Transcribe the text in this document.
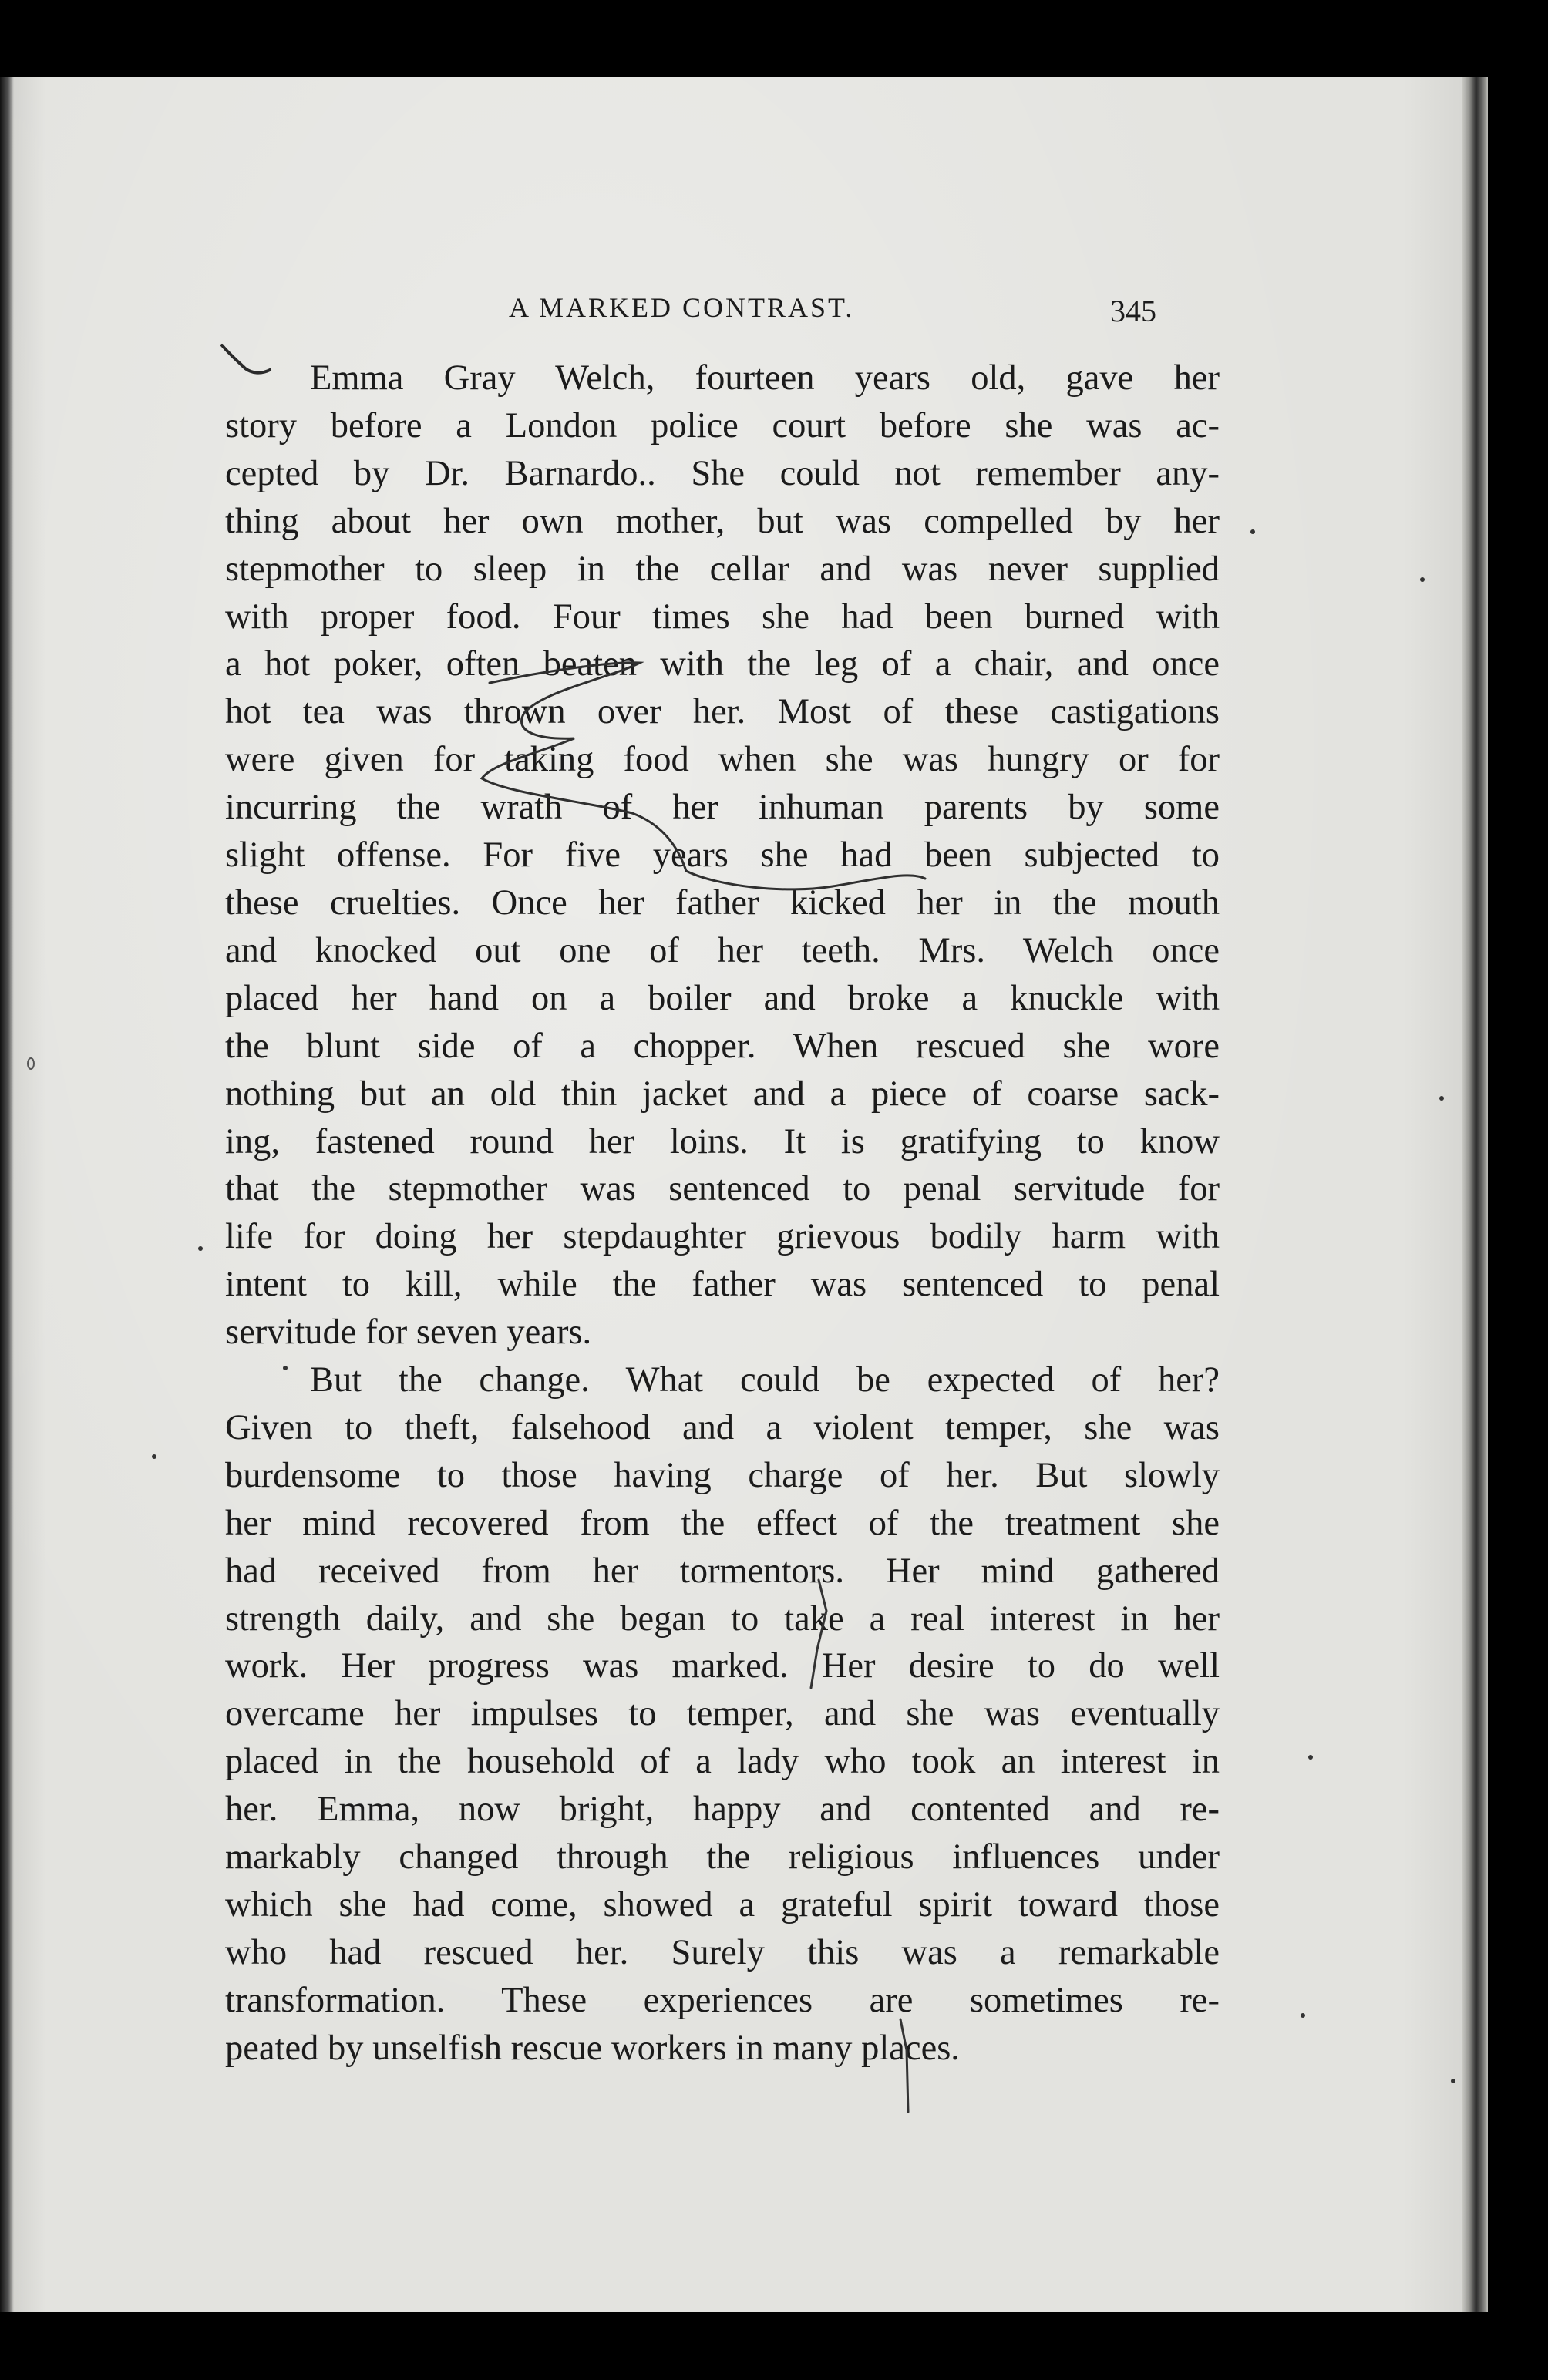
A MARKED CONTRAST.	345
Emma Gray Welch, fourteen years old, gave her
story before a London police court before she was ac-
cepted by Dr. Barnardo.. She could not remember any-
thing about her own mother, but was compelled by her
stepmother to sleep in the cellar and was never supplied
with proper food. Four times she had been burned with
a hot poker, often beaten with the leg of a chair, and once
hot tea was thrown over her. Most of these castigations
were given for taking food when she was hungry or for
incurring the wrath of her inhuman parents by some
slight offense. For five years she had been subjected to
these cruelties. Once her father kicked her in the mouth
and knocked out one of her teeth. Mrs. Welch once
placed her hand on a boiler and broke a knuckle with
the blunt side of a chopper. When rescued she wore
nothing but an old thin jacket and a piece of coarse sack-
ing, fastened round her loins. It is gratifying to know
that the stepmother was sentenced to penal servitude for
life for doing her stepdaughter grievous bodily harm with
intent to kill, while the father was sentenced to penal
servitude for seven years.
But the change. What could be expected of her?
Given to theft, falsehood and a violent temper, she was
burdensome to those having charge of her. But slowly
her mind recovered from the effect of the treatment she
had received from her tormentors. Her mind gathered
strength daily, and she began to take a real interest in her
work. Her progress was marked. Her desire to do well
overcame her impulses to temper, and she was eventually
placed in the household of a lady who took an interest in
her. Emma, now bright, happy and contented and re-
markably changed through the religious influences under
which she had come, showed a grateful spirit toward those
who had rescued her. Surely this was a remarkable
transformation. These experiences are sometimes re-
peated by unselfish rescue workers in many places.
